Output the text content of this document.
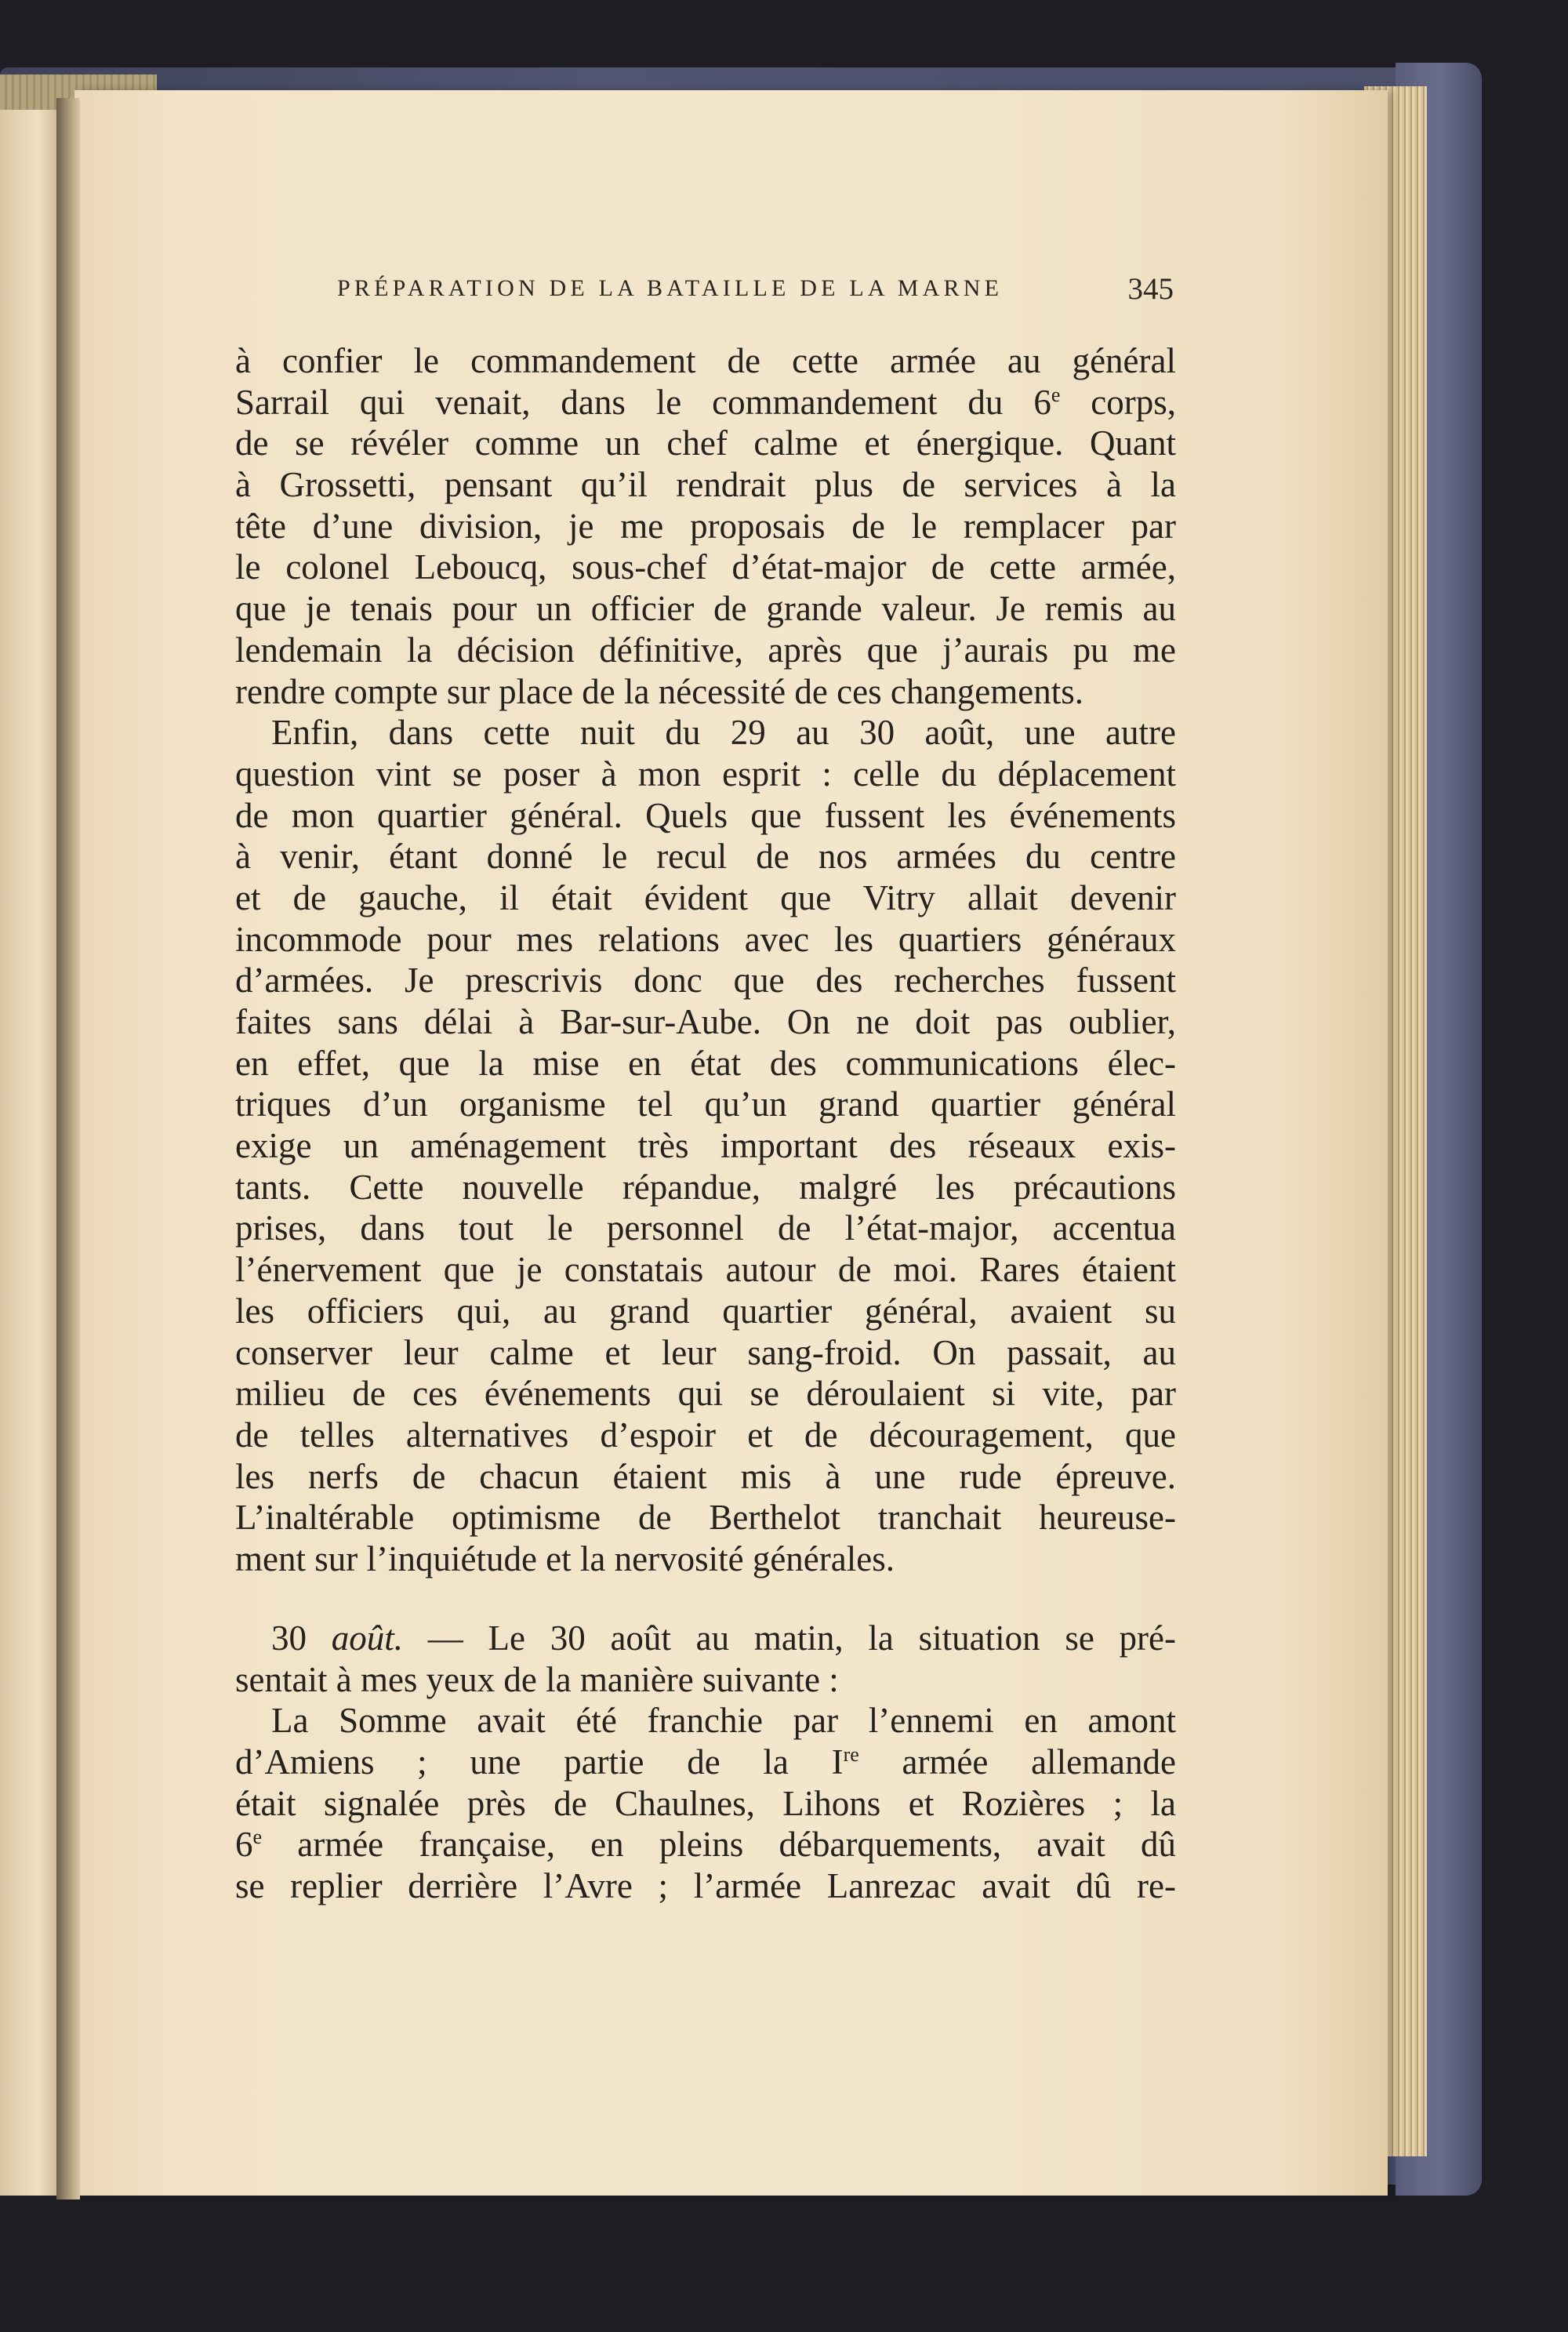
PRÉPARATION DE LA BATAILLE DE LA MARNE	345
à confier le commandement de cette armée au général
Sarrail qui venait, dans le commandement du 6e corps,
de se révéler comme un chef calme et énergique. Quant
à Grossetti, pensant qu’il rendrait plus de services à la
tête d’une division, je me proposais de le remplacer par
le colonel Leboucq, sous-chef d’état-major de cette armée,
que je tenais pour un officier de grande valeur. Je remis au
lendemain la décision définitive, après que j’aurais pu me
rendre compte sur place de la nécessité de ces changements.
Enfin, dans cette nuit du 29 au 30 août, une autre
question vint se poser à mon esprit : celle du déplacement
de mon quartier général. Quels que fussent les événements
à venir, étant donné le recul de nos armées du centre
et de gauche, il était évident que Vitry allait devenir
incommode pour mes relations avec les quartiers généraux
d’armées. Je prescrivis donc que des recherches fussent
faites sans délai à Bar-sur-Aube. On ne doit pas oublier,
en effet, que la mise en état des communications élec-
triques d’un organisme tel qu’un grand quartier général
exige un aménagement très important des réseaux exis-
tants. Cette nouvelle répandue, malgré les précautions
prises, dans tout le personnel de l’état-major, accentua
l’énervement que je constatais autour de moi. Rares étaient
les officiers qui, au grand quartier général, avaient su
conserver leur calme et leur sang-froid. On passait, au
milieu de ces événements qui se déroulaient si vite, par
de telles alternatives d’espoir et de découragement, que
les nerfs de chacun étaient mis à une rude épreuve.
L’inaltérable optimisme de Berthelot tranchait heureuse-
ment sur l’inquiétude et la nervosité générales.
30 août. — Le 30 août au matin, la situation se pré-
sentait à mes yeux de la manière suivante :
La Somme avait été franchie par l’ennemi en amont
d’Amiens ; une partie de la Ire armée allemande
était signalée près de Chaulnes, Lihons et Rozières ; la
6e armée française, en pleins débarquements, avait dû
se replier derrière l’Avre ; l’armée Lanrezac avait dû re-
